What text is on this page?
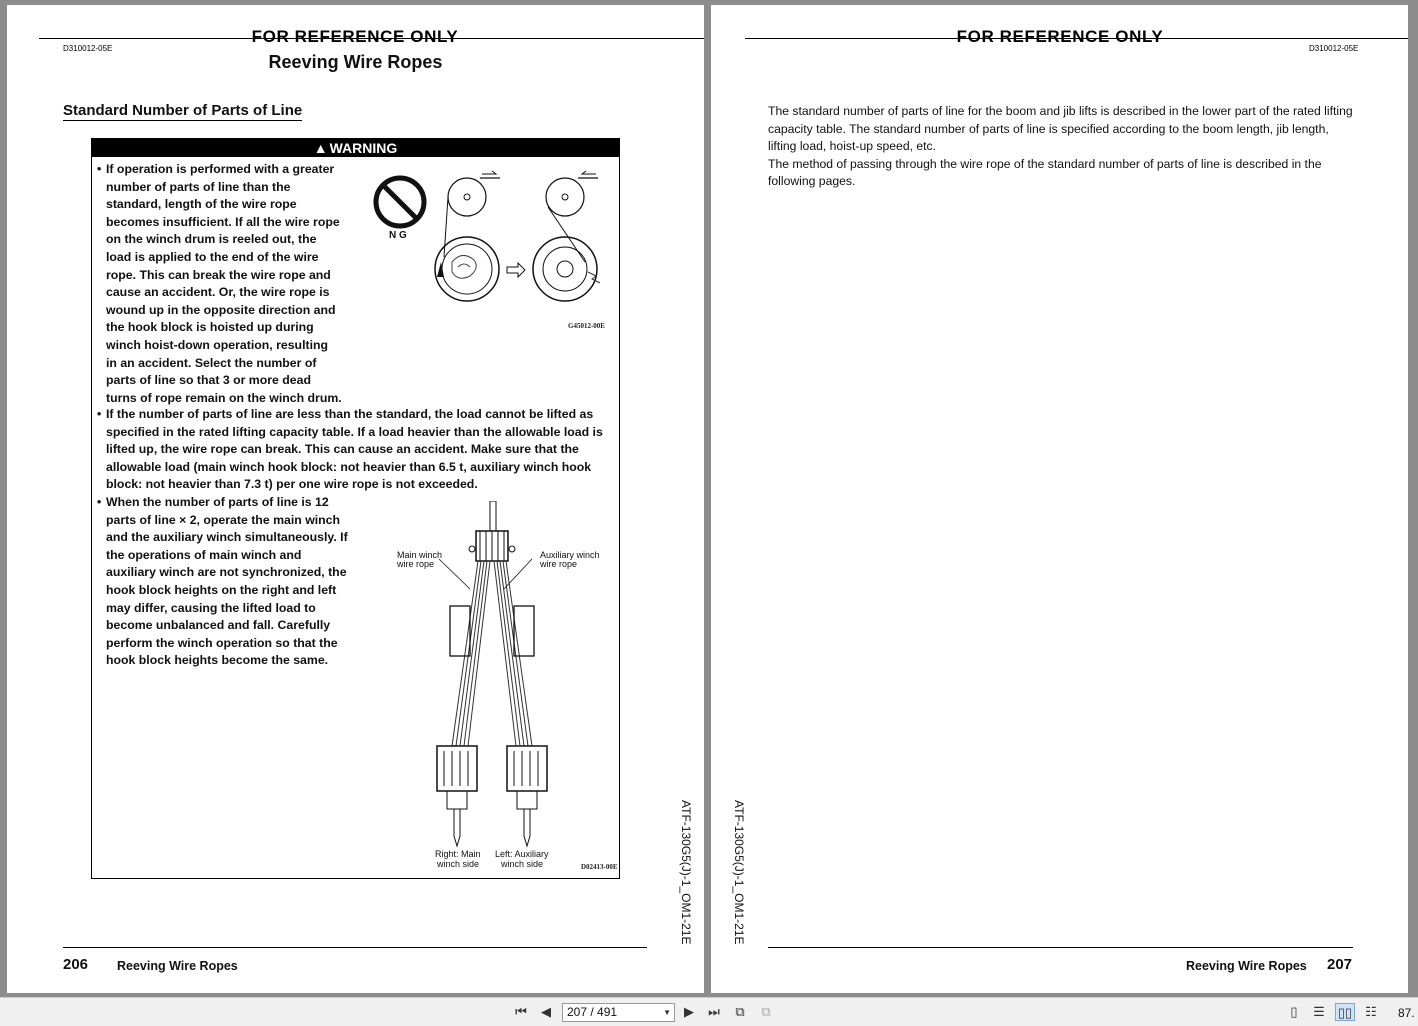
FOR REFERENCE ONLY
D310012-05E
Reeving Wire Ropes
Standard Number of Parts of Line
▲ WARNING
• If operation is performed with a greater number of parts of line than the standard, length of the wire rope becomes insufficient. If all the wire rope on the winch drum is reeled out, the load is applied to the end of the wire rope. This can break the wire rope and cause an accident. Or, the wire rope is wound up in the opposite direction and the hook block is hoisted up during winch hoist-down operation, resulting in an accident. Select the number of parts of line so that 3 or more dead turns of rope remain on the winch drum.
N G
G45012-00E
• If the number of parts of line are less than the standard, the load cannot be lifted as specified in the rated lifting capacity table. If a load heavier than the allowable load is lifted up, the wire rope can break. This can cause an accident. Make sure that the allowable load (main winch hook block: not heavier than 6.5 t, auxiliary winch hook block: not heavier than 7.3 t) per one wire rope is not exceeded.
• When the number of parts of line is 12 parts of line × 2, operate the main winch and the auxiliary winch simultaneously. If the operations of main winch and auxiliary winch are not synchronized, the hook block heights on the right and left may differ, causing the lifted load to become unbalanced and fall. Carefully perform the winch operation so that the hook block heights become the same.
Main winch
wire rope
Auxiliary winch
wire rope
Right: Main
winch side
Left: Auxiliary
winch side	D02413-00E	ATF-130G5(J)-1_OM1-21E
206 Reeving Wire Ropes
FOR REFERENCE ONLY
D310012-05E
The standard number of parts of line for the boom and jib lifts is described in the lower part of the rated lifting capacity table. The standard number of parts of line is specified according to the boom length, jib length, lifting load, hoist-up speed, etc.
The method of passing through the wire rope of the standard number of parts of line is described in the following pages.
ATF-130G5(J)-1_OM1-21E
Reeving Wire Ropes 207
⏮	◀	207 / 491	▼	▶	⏭	⧉	⧉	▯	☰	▯▯	☷	87.
